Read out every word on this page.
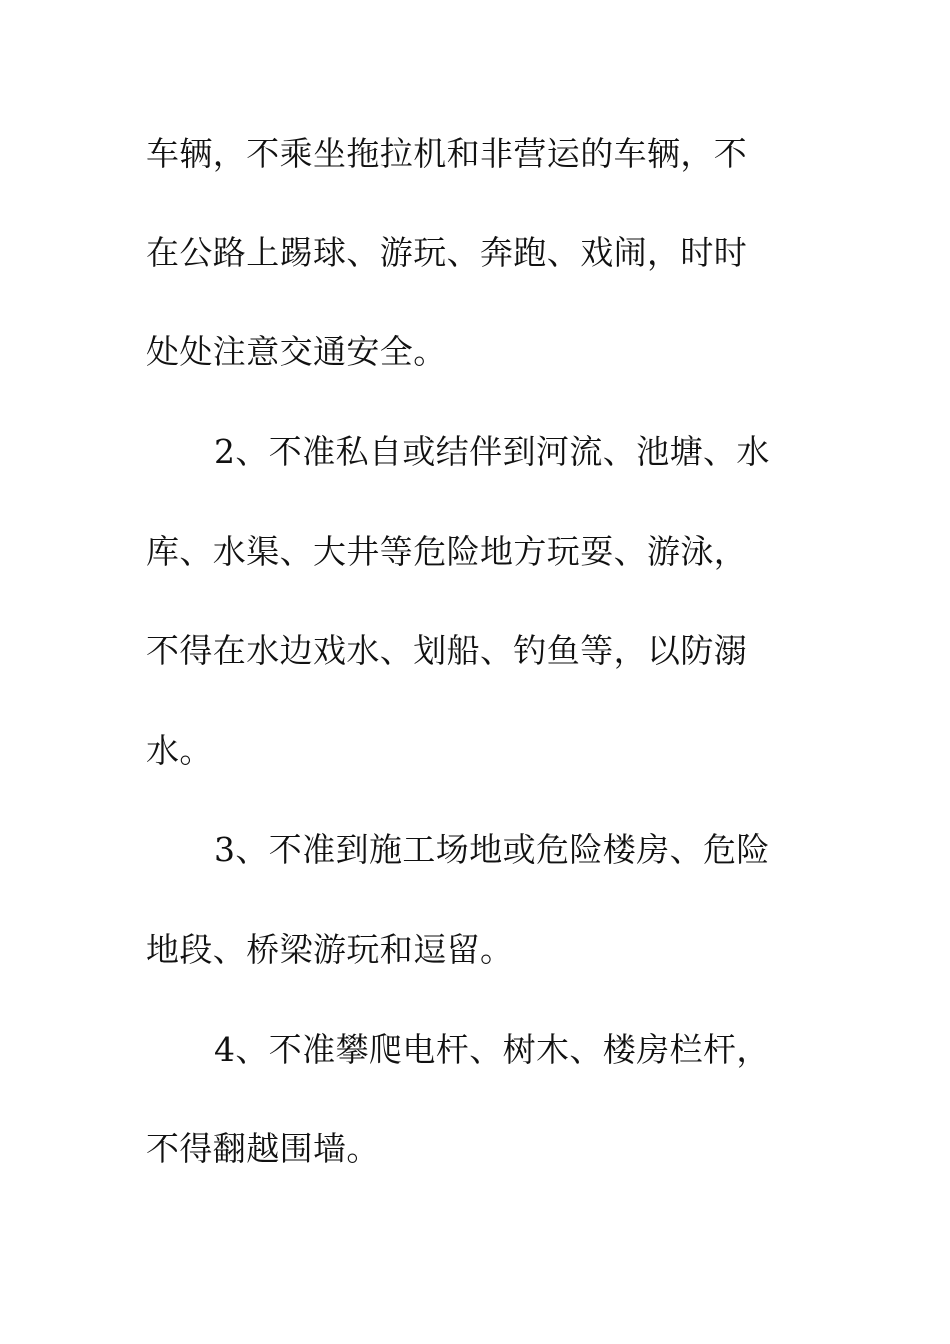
车辆，不乘坐拖拉机和非营运的车辆，不

在公路上踢球、游玩、奔跑、戏闹，时时

处处注意交通安全。

2、不准私自或结伴到河流、池塘、水

库、水渠、大井等危险地方玩耍、游泳，

不得在水边戏水、划船、钓鱼等，以防溺

水。

3、不准到施工场地或危险楼房、危险

地段、桥梁游玩和逗留。

4、不准攀爬电杆、树木、楼房栏杆，

不得翻越围墙。
